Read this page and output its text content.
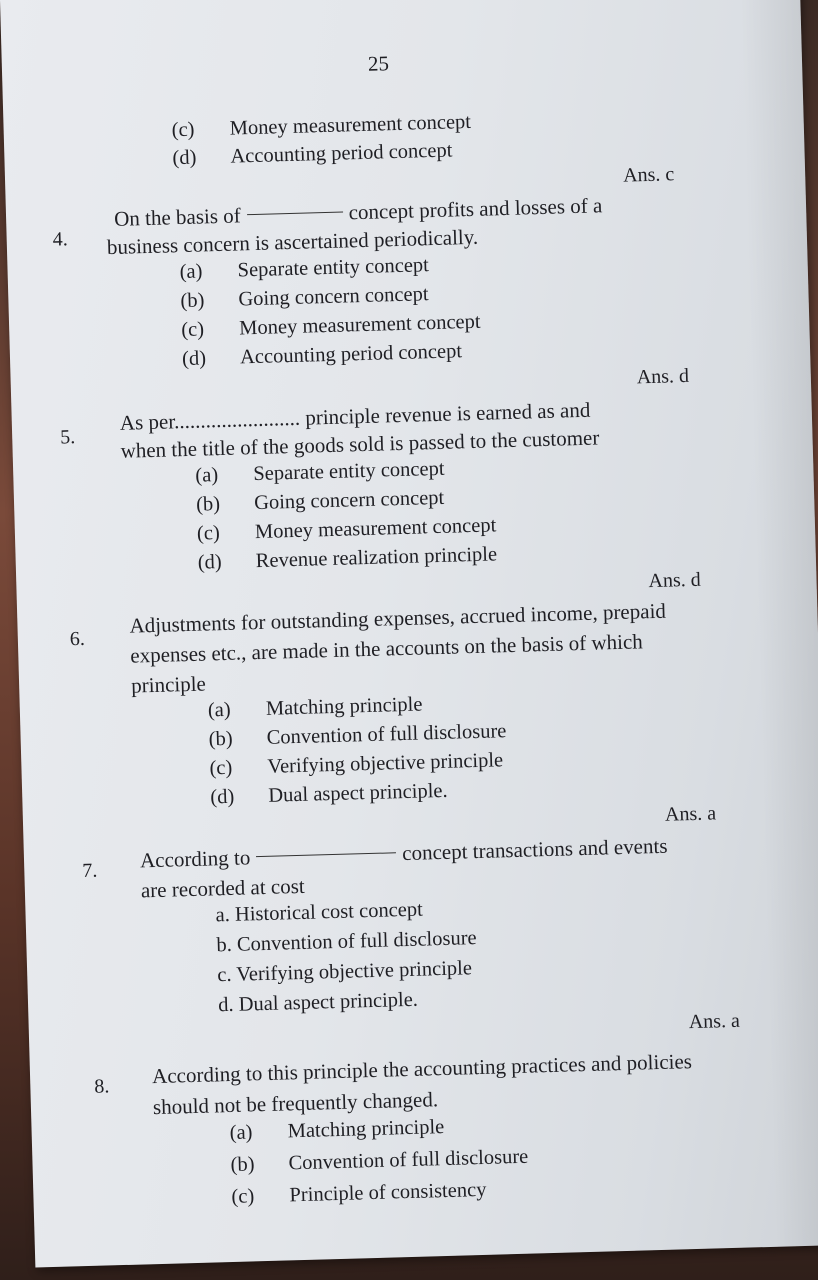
25
(c) Money measurement concept
(d) Accounting period concept
Ans. c
4.
On the basis of	concept profits and losses of a
business concern is ascertained periodically.
(a) Separate entity concept
(b) Going concern concept
(c) Money measurement concept
(d) Accounting period concept
Ans. d
5.
As per........................ principle revenue is earned as and
when the title of the goods sold is passed to the customer
(a) Separate entity concept
(b) Going concern concept
(c) Money measurement concept
(d) Revenue realization principle
Ans. d
6.
Adjustments for outstanding expenses, accrued income, prepaid
expenses etc., are made in the accounts on the basis of which
principle
(a) Matching principle
(b) Convention of full disclosure
(c) Verifying objective principle
(d) Dual aspect principle.
Ans. a
7. According to	concept transactions and events
are recorded at cost
a. Historical cost concept
b. Convention of full disclosure
c. Verifying objective principle
d. Dual aspect principle.
Ans. a
8. According to this principle the accounting practices and policies
should not be frequently changed.
(a) Matching principle
(b) Convention of full disclosure
(c) Principle of consistency
